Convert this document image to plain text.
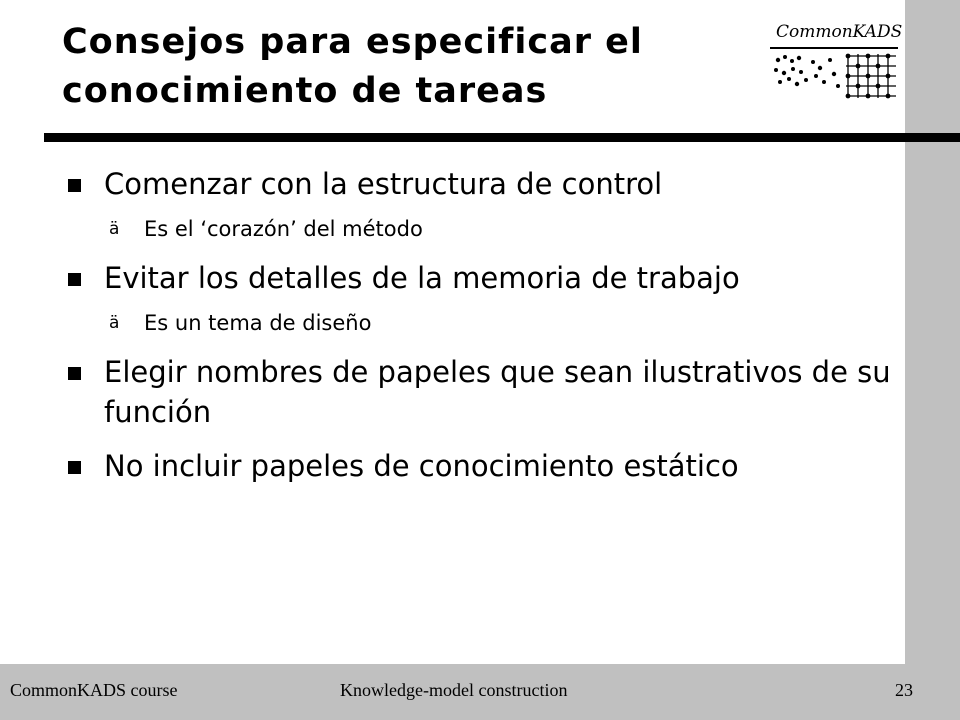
Consejos para especificar el conocimiento de tareas
CommonKADS
Comenzar con la estructura de control
ä Es el ‘corazón’ del método
Evitar los detalles de la memoria de trabajo
ä Es un tema de diseño
Elegir nombres de papeles que sean ilustrativos de su función
No incluir papeles de conocimiento estático
CommonKADS course	Knowledge-model construction	23
